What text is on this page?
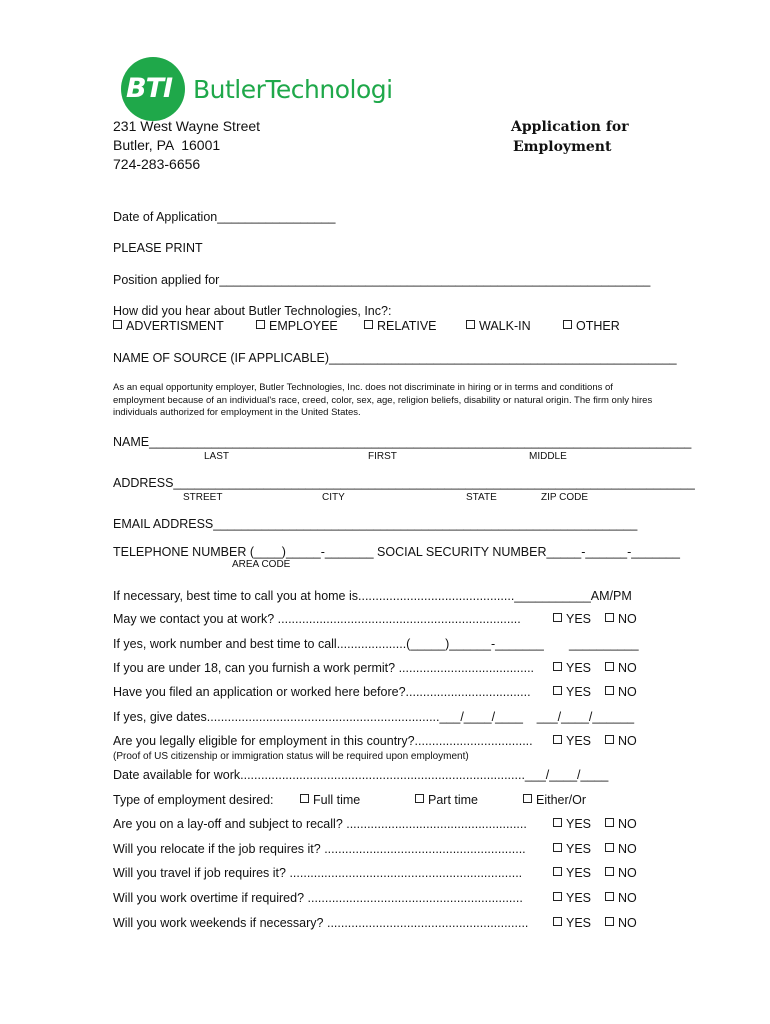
BTI ButlerTechnologi
231 West Wayne Street
Butler, PA  16001
724-283-6656
Application for
Employment
Date of Application_________________
PLEASE PRINT
Position applied for______________________________________________________________
How did you hear about Butler Technologies, Inc?:
ADVERTISMENT	EMPLOYEE	RELATIVE	WALK-IN	OTHER
NAME OF SOURCE (IF APPLICABLE)__________________________________________________
As an equal opportunity employer, Butler Technologies, Inc. does not discriminate in hiring or in terms and conditions of employment because of an individual's race, creed, color, sex, age, religion beliefs, disability or natural origin. The firm only hires individuals authorized for employment in the United States.
NAME______________________________________________________________________________
LAST	FIRST	MIDDLE
ADDRESS___________________________________________________________________________
STREET	CITY	STATE	ZIP CODE
EMAIL ADDRESS_____________________________________________________________
TELEPHONE NUMBER (____)_____-_______ SOCIAL SECURITY NUMBER_____-______-_______
AREA CODE
If necessary, best time to call you at home is.............................................___________AM/PM
May we contact you at work? ......................................................................	YES	NO
If yes, work number and best time to call....................(_____)______-_______ __________
If you are under 18, can you furnish a work permit? .......................................	YES	NO
Have you filed an application or worked here before?....................................	YES	NO
If yes, give dates...................................................................___/____/____    ___/____/______
Are you legally eligible for employment in this country?..................................	YES	NO
(Proof of US citizenship or immigration status will be required upon employment)
Date available for work..................................................................................___/____/____
Type of employment desired:	Full time	Part time	Either/Or
Are you on a lay-off and subject to recall? ....................................................	YES	NO
Will you relocate if the job requires it? ..........................................................	YES	NO
Will you travel if job requires it? ...................................................................	YES	NO
Will you work overtime if required? ..............................................................	YES	NO
Will you work weekends if necessary? ..........................................................	YES	NO
